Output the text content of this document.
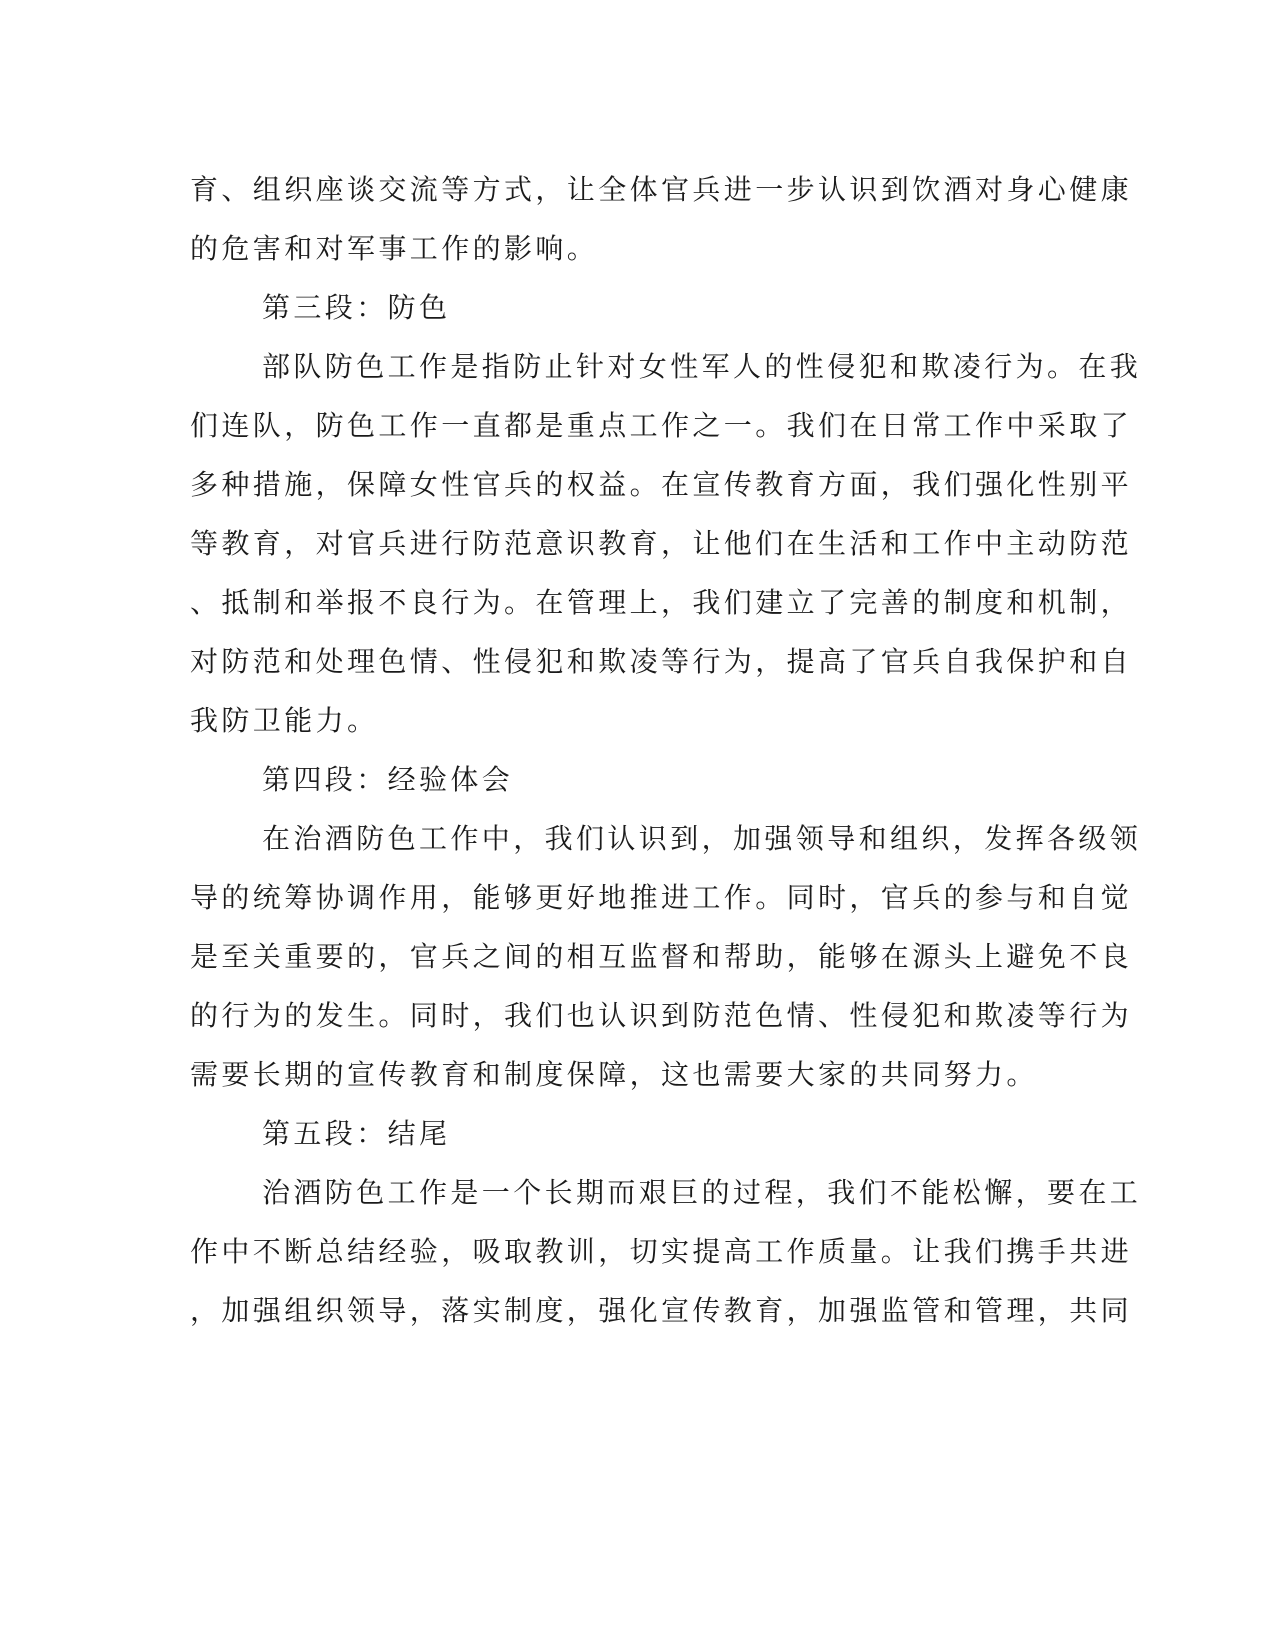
育、组织座谈交流等方式，让全体官兵进一步认识到饮酒对身心健康
的危害和对军事工作的影响。
第三段：防色
部队防色工作是指防止针对女性军人的性侵犯和欺凌行为。在我
们连队，防色工作一直都是重点工作之一。我们在日常工作中采取了
多种措施，保障女性官兵的权益。在宣传教育方面，我们强化性别平
等教育，对官兵进行防范意识教育，让他们在生活和工作中主动防范
、抵制和举报不良行为。在管理上，我们建立了完善的制度和机制，
对防范和处理色情、性侵犯和欺凌等行为，提高了官兵自我保护和自
我防卫能力。
第四段：经验体会
在治酒防色工作中，我们认识到，加强领导和组织，发挥各级领
导的统筹协调作用，能够更好地推进工作。同时，官兵的参与和自觉
是至关重要的，官兵之间的相互监督和帮助，能够在源头上避免不良
的行为的发生。同时，我们也认识到防范色情、性侵犯和欺凌等行为
需要长期的宣传教育和制度保障，这也需要大家的共同努力。
第五段：结尾
治酒防色工作是一个长期而艰巨的过程，我们不能松懈，要在工
作中不断总结经验，吸取教训，切实提高工作质量。让我们携手共进
，加强组织领导，落实制度，强化宣传教育，加强监管和管理，共同
